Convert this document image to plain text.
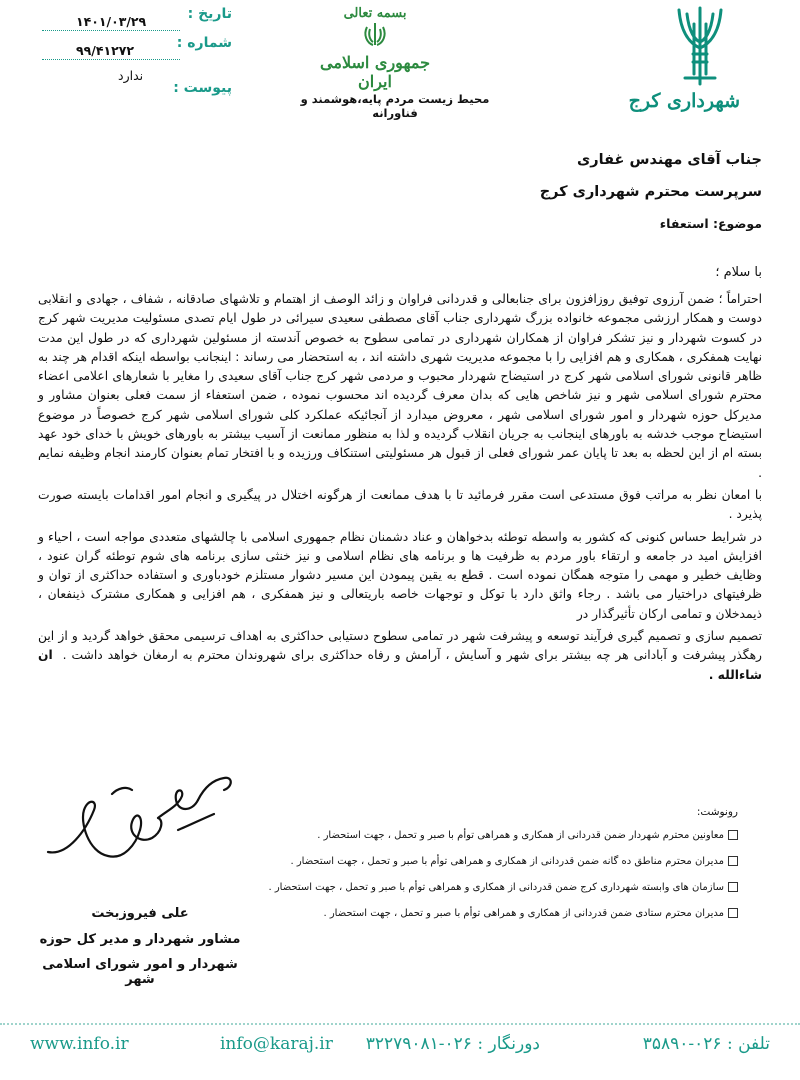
شهرداری کرج
بسمه تعالی
جمهوری اسلامی ایران
محیط زیست مردم پایه،هوشمند و فناورانه
تاریخ :
۱۴۰۱/۰۳/۲۹
شماره :
۹۹/۴۱۲۷۲
پیوست :
ندارد
جناب آقای مهندس غفاری
سرپرست محترم شهرداری کرج
موضوع: استعفاء
با سلام ؛

احتراماً ؛ ضمن آرزوی توفیق روزافزون برای جنابعالی و قدردانی فراوان و زائد الوصف از اهتمام و تلاشهای صادقانه ، شفاف ، جهادی و انقلابی دوست و همکار ارزشی مجموعه خانواده بزرگ شهرداری جناب آقای مصطفی سعیدی سیرائی در طول ایام تصدی مسئولیت مدیریت شهر کرج در کسوت شهردار و نیز تشکر فراوان از همکاران شهرداری در تمامی سطوح به خصوص آندسته از مسئولین شهرداری که در طول این مدت نهایت همفکری ، همکاری و هم افزایی را با مجموعه مدیریت شهری داشته اند ، به استحضار می رساند : اینجانب بواسطه اینکه اقدام هر چند به ظاهر قانونی شورای اسلامی شهر کرج در استیضاح شهردار محبوب و مردمی شهر کرج جناب آقای سعیدی را مغایر با شعارهای اعلامی اعضاء محترم شورای اسلامی شهر و نیز شاخص هایی که بدان معرف گردیده اند محسوب نموده ، ضمن استعفاء از سمت فعلی بعنوان مشاور و مدیرکل حوزه شهردار و امور شورای اسلامی شهر ، معروض میدارد از آنجائیکه عملکرد کلی شورای اسلامی شهر کرج خصوصاً در موضوع استیضاح موجب خدشه به باورهای اینجانب به جریان انقلاب گردیده و لذا به منظور ممانعت از آسیب بیشتر به باورهای خویش با خدای خود عهد بسته ام از این لحظه به بعد تا پایان عمر شورای فعلی از قبول هر مسئولیتی استنکاف ورزیده و با افتخار تمام بعنوان کارمند انجام وظیفه نمایم .

با امعان نظر به مراتب فوق مستدعی است مقرر فرمائید تا با هدف ممانعت از هرگونه اختلال در پیگیری و انجام امور اقدامات بایسته صورت پذیرد .

در شرایط حساس کنونی که کشور به واسطه توطئه بدخواهان و عناد دشمنان نظام جمهوری اسلامی با چالشهای متعددی مواجه است ، احیاء و افزایش امید در جامعه و ارتقاء باور مردم به ظرفیت ها و برنامه های نظام اسلامی و نیز خنثی سازی برنامه های شوم توطئه گران عنود ، وظایف خطیر و مهمی را متوجه همگان نموده است . قطع به یقین پیمودن این مسیر دشوار مستلزم خودباوری و استفاده حداکثری از توان و ظرفیتهای دراختیار می باشد . رجاء واثق دارد با توکل و توجهات خاصه باریتعالی و نیز همفکری ، هم افزایی و همکاری مشترک ذینفعان ، ذیمدخلان و تمامی ارکان تأثیرگذار در

تصمیم سازی و تصمیم گیری فرآیند توسعه و پیشرفت شهر در تمامی سطوح دستیابی حداکثری به اهداف ترسیمی محقق خواهد گردید و از این رهگذر پیشرفت و آبادانی هر چه بیشتر برای شهر و آسایش ، آرامش و رفاه حداکثری برای شهروندان محترم به ارمغان خواهد داشت .  ان شاءالله .

رونوشت:
معاونین محترم شهردار ضمن قدردانی از همکاری و همراهی توأم با صبر و تحمل ، جهت استحضار .
مدیران محترم مناطق ده گانه ضمن قدردانی از همکاری و همراهی توأم با صبر و تحمل ، جهت استحضار .
سازمان های وابسته شهرداری کرج ضمن قدردانی از همکاری و همراهی توأم با صبر و تحمل ، جهت استحضار .
مدیران محترم ستادی ضمن قدردانی از همکاری و همراهی توأم با صبر و تحمل ، جهت استحضار .
علی فیروزبخت
مشاور شهردار و مدیر کل حوزه
شهردار و امور شورای اسلامی شهر
تلفن : ۰۲۶-۳۵۸۹۰
دورنگار : ۰۲۶-۳۲۲۷۹۰۸۱
info@karaj.ir
www.info.ir
